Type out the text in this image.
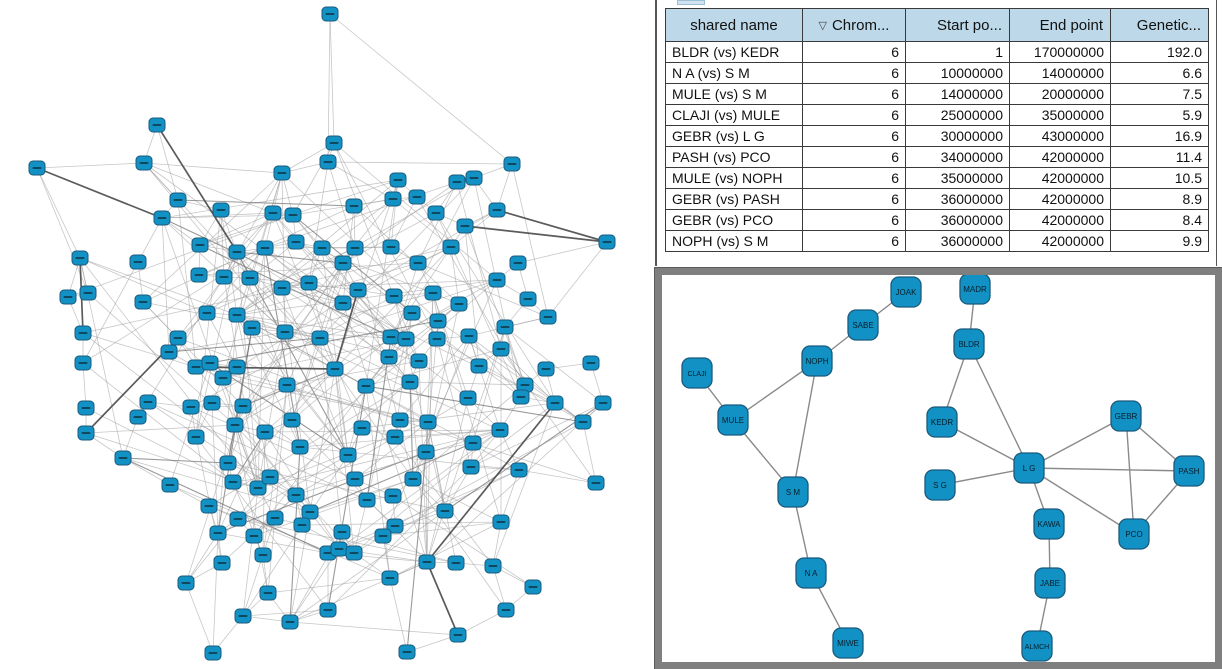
shared name	▽ Chrom...	Start po...	End point	Genetic...
BLDR (vs) KEDR	6	1	170000000	192.0
N A (vs) S M	6	10000000	14000000	6.6
MULE (vs) S M	6	14000000	20000000	7.5
CLAJI (vs) MULE	6	25000000	35000000	5.9
GEBR (vs) L G	6	30000000	43000000	16.9
PASH (vs) PCO	6	34000000	42000000	11.4
MULE (vs) NOPH	6	35000000	42000000	10.5
GEBR (vs) PASH	6	36000000	42000000	8.9
GEBR (vs) PCO	6	36000000	42000000	8.4
NOPH (vs) S M	6	36000000	42000000	9.9
JOAK	MADR
SABE
BLDR
NOPH
CLAJI
GEBR
MULE	KEDR
L G	PASH
S G
S M
KAWA
PCO
N A
JABE
MIWE	ALMCH
